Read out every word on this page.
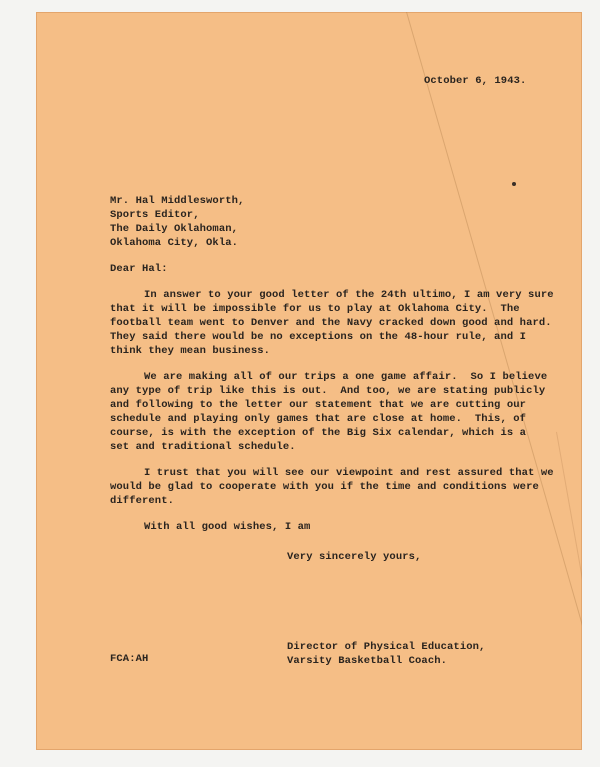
October 6, 1943.
Mr. Hal Middlesworth,
Sports Editor,
The Daily Oklahoman,
Oklahoma City, Okla.
Dear Hal:
In answer to your good letter of the 24th ultimo, I am very sure
that it will be impossible for us to play at Oklahoma City.  The
football team went to Denver and the Navy cracked down good and hard.
They said there would be no exceptions on the 48-hour rule, and I
think they mean business.
We are making all of our trips a one game affair.  So I believe
any type of trip like this is out.  And too, we are stating publicly
and following to the letter our statement that we are cutting our
schedule and playing only games that are close at home.  This, of
course, is with the exception of the Big Six calendar, which is a
set and traditional schedule.
I trust that you will see our viewpoint and rest assured that we
would be glad to cooperate with you if the time and conditions were
different.
With all good wishes, I am
Very sincerely yours,
Director of Physical Education,
Varsity Basketball Coach.
FCA:AH
